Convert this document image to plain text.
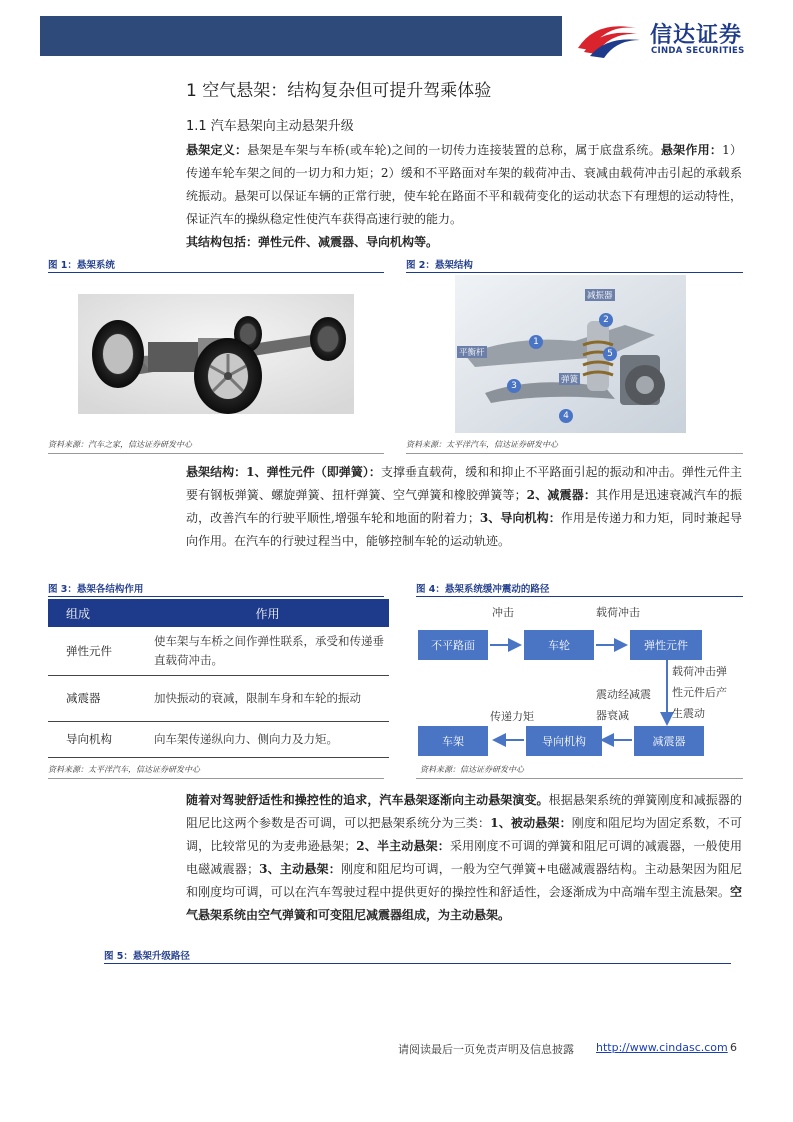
信达证券
CINDA SECURITIES
1 空气悬架：结构复杂但可提升驾乘体验
1.1 汽车悬架向主动悬架升级
悬架定义：悬架是车架与车桥(或车轮)之间的一切传力连接装置的总称，属于底盘系统。悬架作用：1）传递车轮车架之间的一切力和力矩；2）缓和不平路面对车架的载荷冲击、衰减由载荷冲击引起的承载系统振动。悬架可以保证车辆的正常行驶，使车轮在路面不平和载荷变化的运动状态下有理想的运动特性，保证汽车的操纵稳定性使汽车获得高速行驶的能力。
其结构包括：弹性元件、减震器、导向机构等。
图 1：悬架系统
资料来源：汽车之家，信达证券研发中心
图 2：悬架结构
减振器
平衡杆
弹簧
1
2
3
4
5
资料来源：太平洋汽车，信达证券研发中心
悬架结构：1、弹性元件（即弹簧）：支撑垂直载荷，缓和和抑止不平路面引起的振动和冲击。弹性元件主要有钢板弹簧、螺旋弹簧、扭杆弹簧、空气弹簧和橡胶弹簧等；2、减震器：其作用是迅速衰减汽车的振动，改善汽车的行驶平顺性,增强车轮和地面的附着力；3、导向机构：作用是传递力和力矩，同时兼起导向作用。在汽车的行驶过程当中，能够控制车轮的运动轨迹。
图 3：悬架各结构作用
组成	作用
弹性元件	使车架与车桥之间作弹性联系，承受和传递垂直载荷冲击。
减震器	加快振动的衰减，限制车身和车轮的振动
导向机构	向车架传递纵向力、侧向力及力矩。
资料来源：太平洋汽车，信达证券研发中心
图 4：悬架系统缓冲震动的路径
不平路面	车轮	弹性元件
车架	导向机构	减震器
冲击	载荷冲击
载荷冲击弹
性元件后产
生震动
震动经减震
器衰减
传递力矩
资料来源：信达证券研发中心
随着对驾驶舒适性和操控性的追求，汽车悬架逐渐向主动悬架演变。根据悬架系统的弹簧刚度和减振器的阻尼比这两个参数是否可调，可以把悬架系统分为三类：1、被动悬架：刚度和阻尼均为固定系数，不可调，比较常见的为麦弗逊悬架；2、半主动悬架：采用刚度不可调的弹簧和阻尼可调的减震器，一般使用电磁减震器；3、主动悬架：刚度和阻尼均可调，一般为空气弹簧+电磁减震器结构。主动悬架因为阻尼和刚度均可调，可以在汽车驾驶过程中提供更好的操控性和舒适性，会逐渐成为中高端车型主流悬架。空气悬架系统由空气弹簧和可变阻尼减震器组成，为主动悬架。
图 5：悬架升级路径
请阅读最后一页免责声明及信息披露 http://www.cindasc.com 6
